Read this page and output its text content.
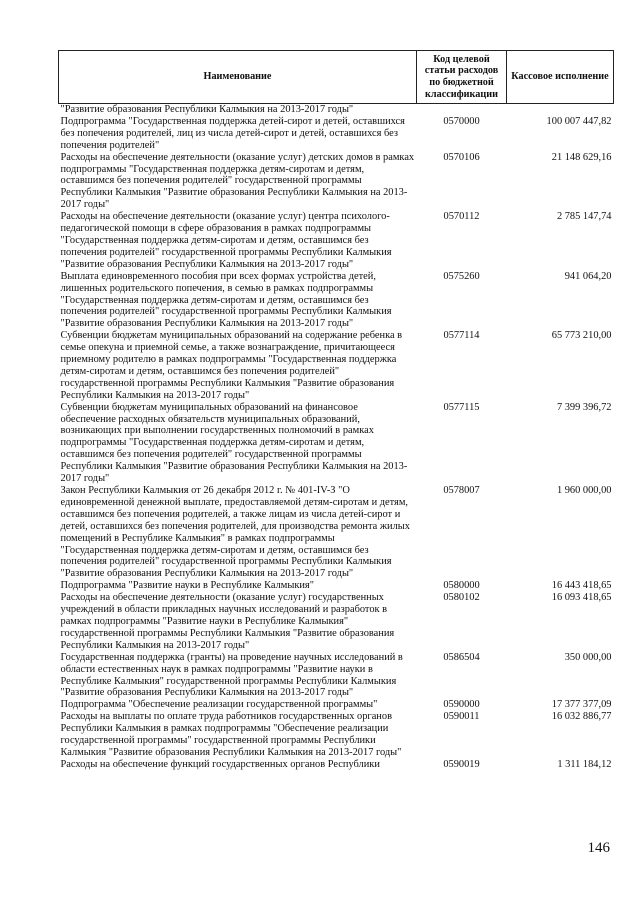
Наименование	Код целевой статьи расходов по бюджетной классификации	Кассовое исполнение
"Развитие образования Республики Калмыкия на 2013-2017 годы"		
Подпрограмма "Государственная поддержка детей-сирот и детей, оставшихся без попечения родителей, лиц из числа детей-сирот и детей, оставшихся без попечения родителей"	0570000	100 007 447,82
Расходы на обеспечение деятельности (оказание услуг) детских домов в рамках подпрограммы "Государственная поддержка детям-сиротам и детям, оставшимся без попечения родителей" государственной программы Республики Калмыкия "Развитие образования Республики Калмыкия на 2013-2017 годы"	0570106	21 148 629,16
Расходы на обеспечение деятельности (оказание услуг) центра психолого-педагогической помощи в сфере образования в рамках подпрограммы "Государственная поддержка детям-сиротам и детям, оставшимся без попечения родителей" государственной программы Республики Калмыкия "Развитие образования Республики Калмыкия на 2013-2017 годы"	0570112	2 785 147,74
Выплата единовременного пособия при всех формах устройства детей, лишенных родительского попечения, в семью в рамках подпрограммы "Государственная поддержка детям-сиротам и детям, оставшимся без попечения родителей" государственной программы Республики Калмыкия "Развитие образования Республики Калмыкия на 2013-2017 годы"	0575260	941 064,20
Субвенции бюджетам муниципальных образований на содержание ребенка в семье опекуна и приемной семье, а также вознаграждение, причитающееся приемному родителю в рамках подпрограммы "Государственная поддержка детям-сиротам и детям, оставшимся без попечения родителей" государственной программы Республики Калмыкия "Развитие образования Республики Калмыкия на 2013-2017 годы"	0577114	65 773 210,00
Субвенции бюджетам муниципальных образований на финансовое обеспечение расходных обязательств муниципальных образований, возникающих при выполнении государственных полномочий в рамках подпрограммы "Государственная поддержка детям-сиротам и детям, оставшимся без попечения родителей" государственной программы Республики Калмыкия "Развитие образования Республики Калмыкия на 2013-2017 годы"	0577115	7 399 396,72
Закон Республики Калмыкия от 26 декабря 2012 г. № 401-IV-З "О единовременной денежной выплате, предоставляемой детям-сиротам и детям, оставшимся без попечения родителей, а также лицам из числа детей-сирот и детей, оставшихся без попечения родителей, для производства ремонта жилых помещений в Республике Калмыкия" в рамках подпрограммы "Государственная поддержка детям-сиротам и детям, оставшимся без попечения родителей" государственной программы Республики Калмыкия "Развитие образования Республики Калмыкия на 2013-2017 годы"	0578007	1 960 000,00
Подпрограмма "Развитие науки в Республике Калмыкия"	0580000	16 443 418,65
Расходы на обеспечение деятельности (оказание услуг) государственных учреждений в области прикладных научных исследований и разработок в рамках подпрограммы "Развитие науки в Республике Калмыкия" государственной программы Республики Калмыкия "Развитие образования Республики Калмыкия на 2013-2017 годы"	0580102	16 093 418,65
Государственная поддержка (гранты) на проведение научных исследований в области естественных наук в рамках подпрограммы "Развитие науки в Республике Калмыкия" государственной программы Республики Калмыкия "Развитие образования Республики Калмыкия на 2013-2017 годы"	0586504	350 000,00
Подпрограмма "Обеспечение реализации государственной программы"	0590000	17 377 377,09
Расходы на выплаты по оплате труда работников государственных органов Республики Калмыкия в рамках подпрограммы "Обеспечение реализации государственной программы" государственной программы Республики Калмыкия "Развитие образования Республики Калмыкия на 2013-2017 годы"	0590011	16 032 886,77
Расходы на обеспечение функций государственных органов Республики	0590019	1 311 184,12
146
